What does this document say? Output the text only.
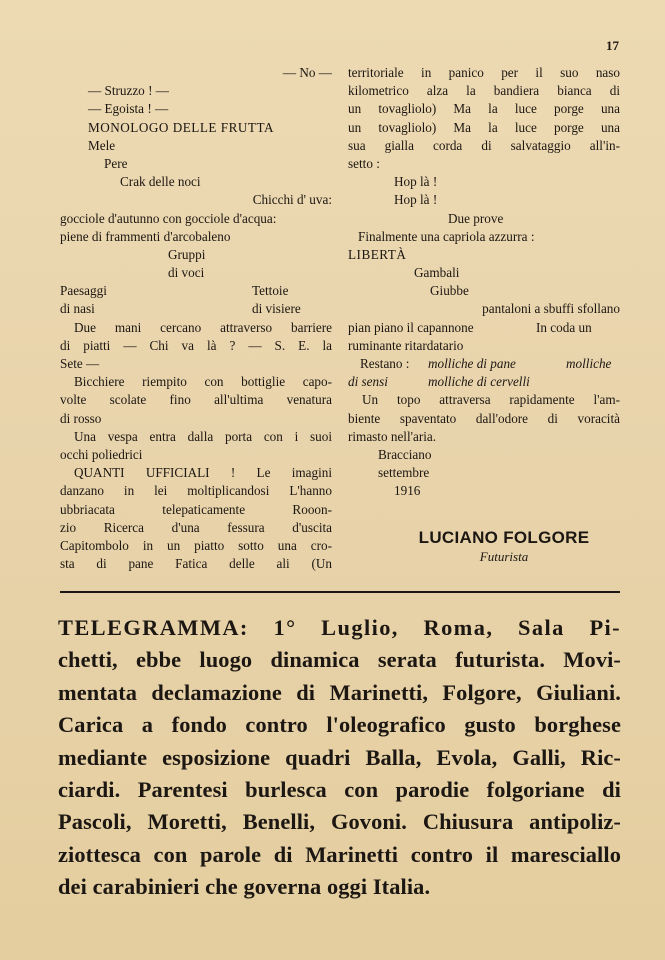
17
— No —
— Struzzo ! —
— Egoista ! —
MONOLOGO DELLE FRUTTA
Mele
Pere
Crak delle noci
Chicchi d' uva:
gocciole d'autunno con gocciole d'acqua:
piene di frammenti d'arcobaleno
Gruppi
di voci
Paesaggi	Tettoie
di nasi	di visiere
Due mani cercano attraverso barriere
di piatti — Chi va là ? — S. E. la
Sete —
Bicchiere riempito con bottiglie capo-
volte scolate fino all'ultima venatura
di rosso
Una vespa entra dalla porta con i suoi
occhi poliedrici
QUANTI UFFICIALI ! Le imagini
danzano in lei moltiplicandosi L'hanno
ubbriacata telepaticamente Rooon-
zio Ricerca d'una fessura d'uscita
Capitombolo in un piatto sotto una cro-
sta di pane Fatica delle ali (Un
territoriale in panico per il suo naso
kilometrico alza la bandiera bianca di
un tovagliolo) Ma la luce porge una
un tovagliolo) Ma la luce porge una
sua gialla corda di salvataggio all'in-
setto :
Hop là !
Hop là !
Due prove
Finalmente una capriola azzurra :
LIBERTÀ
Gambali
Giubbe
pantaloni a sbuffi sfollano
pian piano il capannone	In coda un
ruminante ritardatario
Restano :	molliche di pane	molliche
di sensi	molliche di cervelli
Un topo attraversa rapidamente l'am-
biente spaventato dall'odore di voracità
rimasto nell'aria.
Bracciano
settembre
1916
LUCIANO FOLGORE
Futurista
TELEGRAMMA: 1° Luglio, Roma, Sala Pi-
chetti, ebbe luogo dinamica serata futurista. Movi-
mentata declamazione di Marinetti, Folgore, Giuliani.
Carica a fondo contro l'oleografico gusto borghese
mediante esposizione quadri Balla, Evola, Galli, Ric-
ciardi. Parentesi burlesca con parodie folgoriane di
Pascoli, Moretti, Benelli, Govoni. Chiusura antipoliz-
ziottesca con parole di Marinetti contro il maresciallo
dei carabinieri che governa oggi Italia.
